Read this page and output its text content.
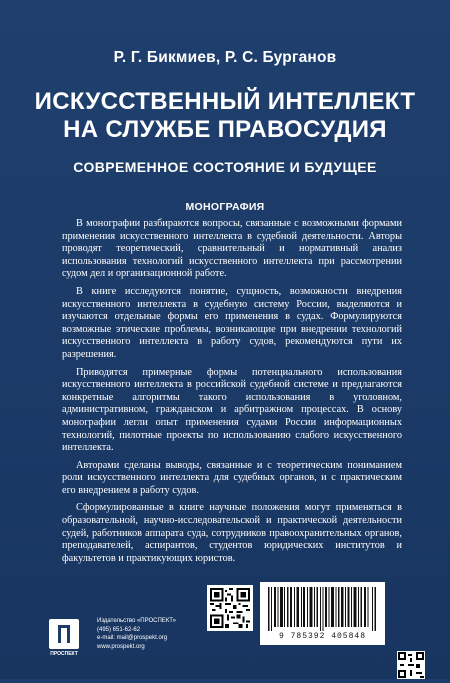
Р. Г. Бикмиев, Р. С. Бурганов
ИСКУССТВЕННЫЙ ИНТЕЛЛЕКТ
НА СЛУЖБЕ ПРАВОСУДИЯ
СОВРЕМЕННОЕ СОСТОЯНИЕ И БУДУЩЕЕ
МОНОГРАФИЯ

В монографии разбираются вопросы, связанные с возможными формами применения искусственного интеллекта в судебной деятельности. Авторы проводят теоретический, сравнительный и нормативный анализ использования технологий искусственного интеллекта при рассмотрении судом дел и организационной работе.

В книге исследуются понятие, сущность, возможности внедрения искусственного интеллекта в судебную систему России, выделяются и изучаются отдельные формы его применения в судах. Формулируются возможные этические проблемы, возникающие при внедрении технологий искусственного интеллекта в работу судов, рекомендуются пути их разрешения.

Приводятся примерные формы потенциального использования искусственного интеллекта в российской судебной системе и предлагаются конкретные алгоритмы такого использования в уголовном, административном, гражданском и арбитражном процессах. В основу монографии легли опыт применения судами России информационных технологий, пилотные проекты по использованию слабого искусственного интеллекта.

Авторами сделаны выводы, связанные и с теоретическим пониманием роли искусственного интеллекта для судебных органов, и с практическим его внедрением в работу судов.

Сформулированные в книге научные положения могут применяться в образовательной, научно-исследовательской и практической деятельности судей, работников аппарата суда, сотрудников правоохранительных органов, преподавателей, аспирантов, студентов юридических институтов и факультетов и практикующих юристов.

ПРОСПЕКТ
Издательство «ПРОСПЕКТ»
(495) 651-62-62
e-mail: mail@prospekt.org
www.prospekt.org
9 785392 405848
